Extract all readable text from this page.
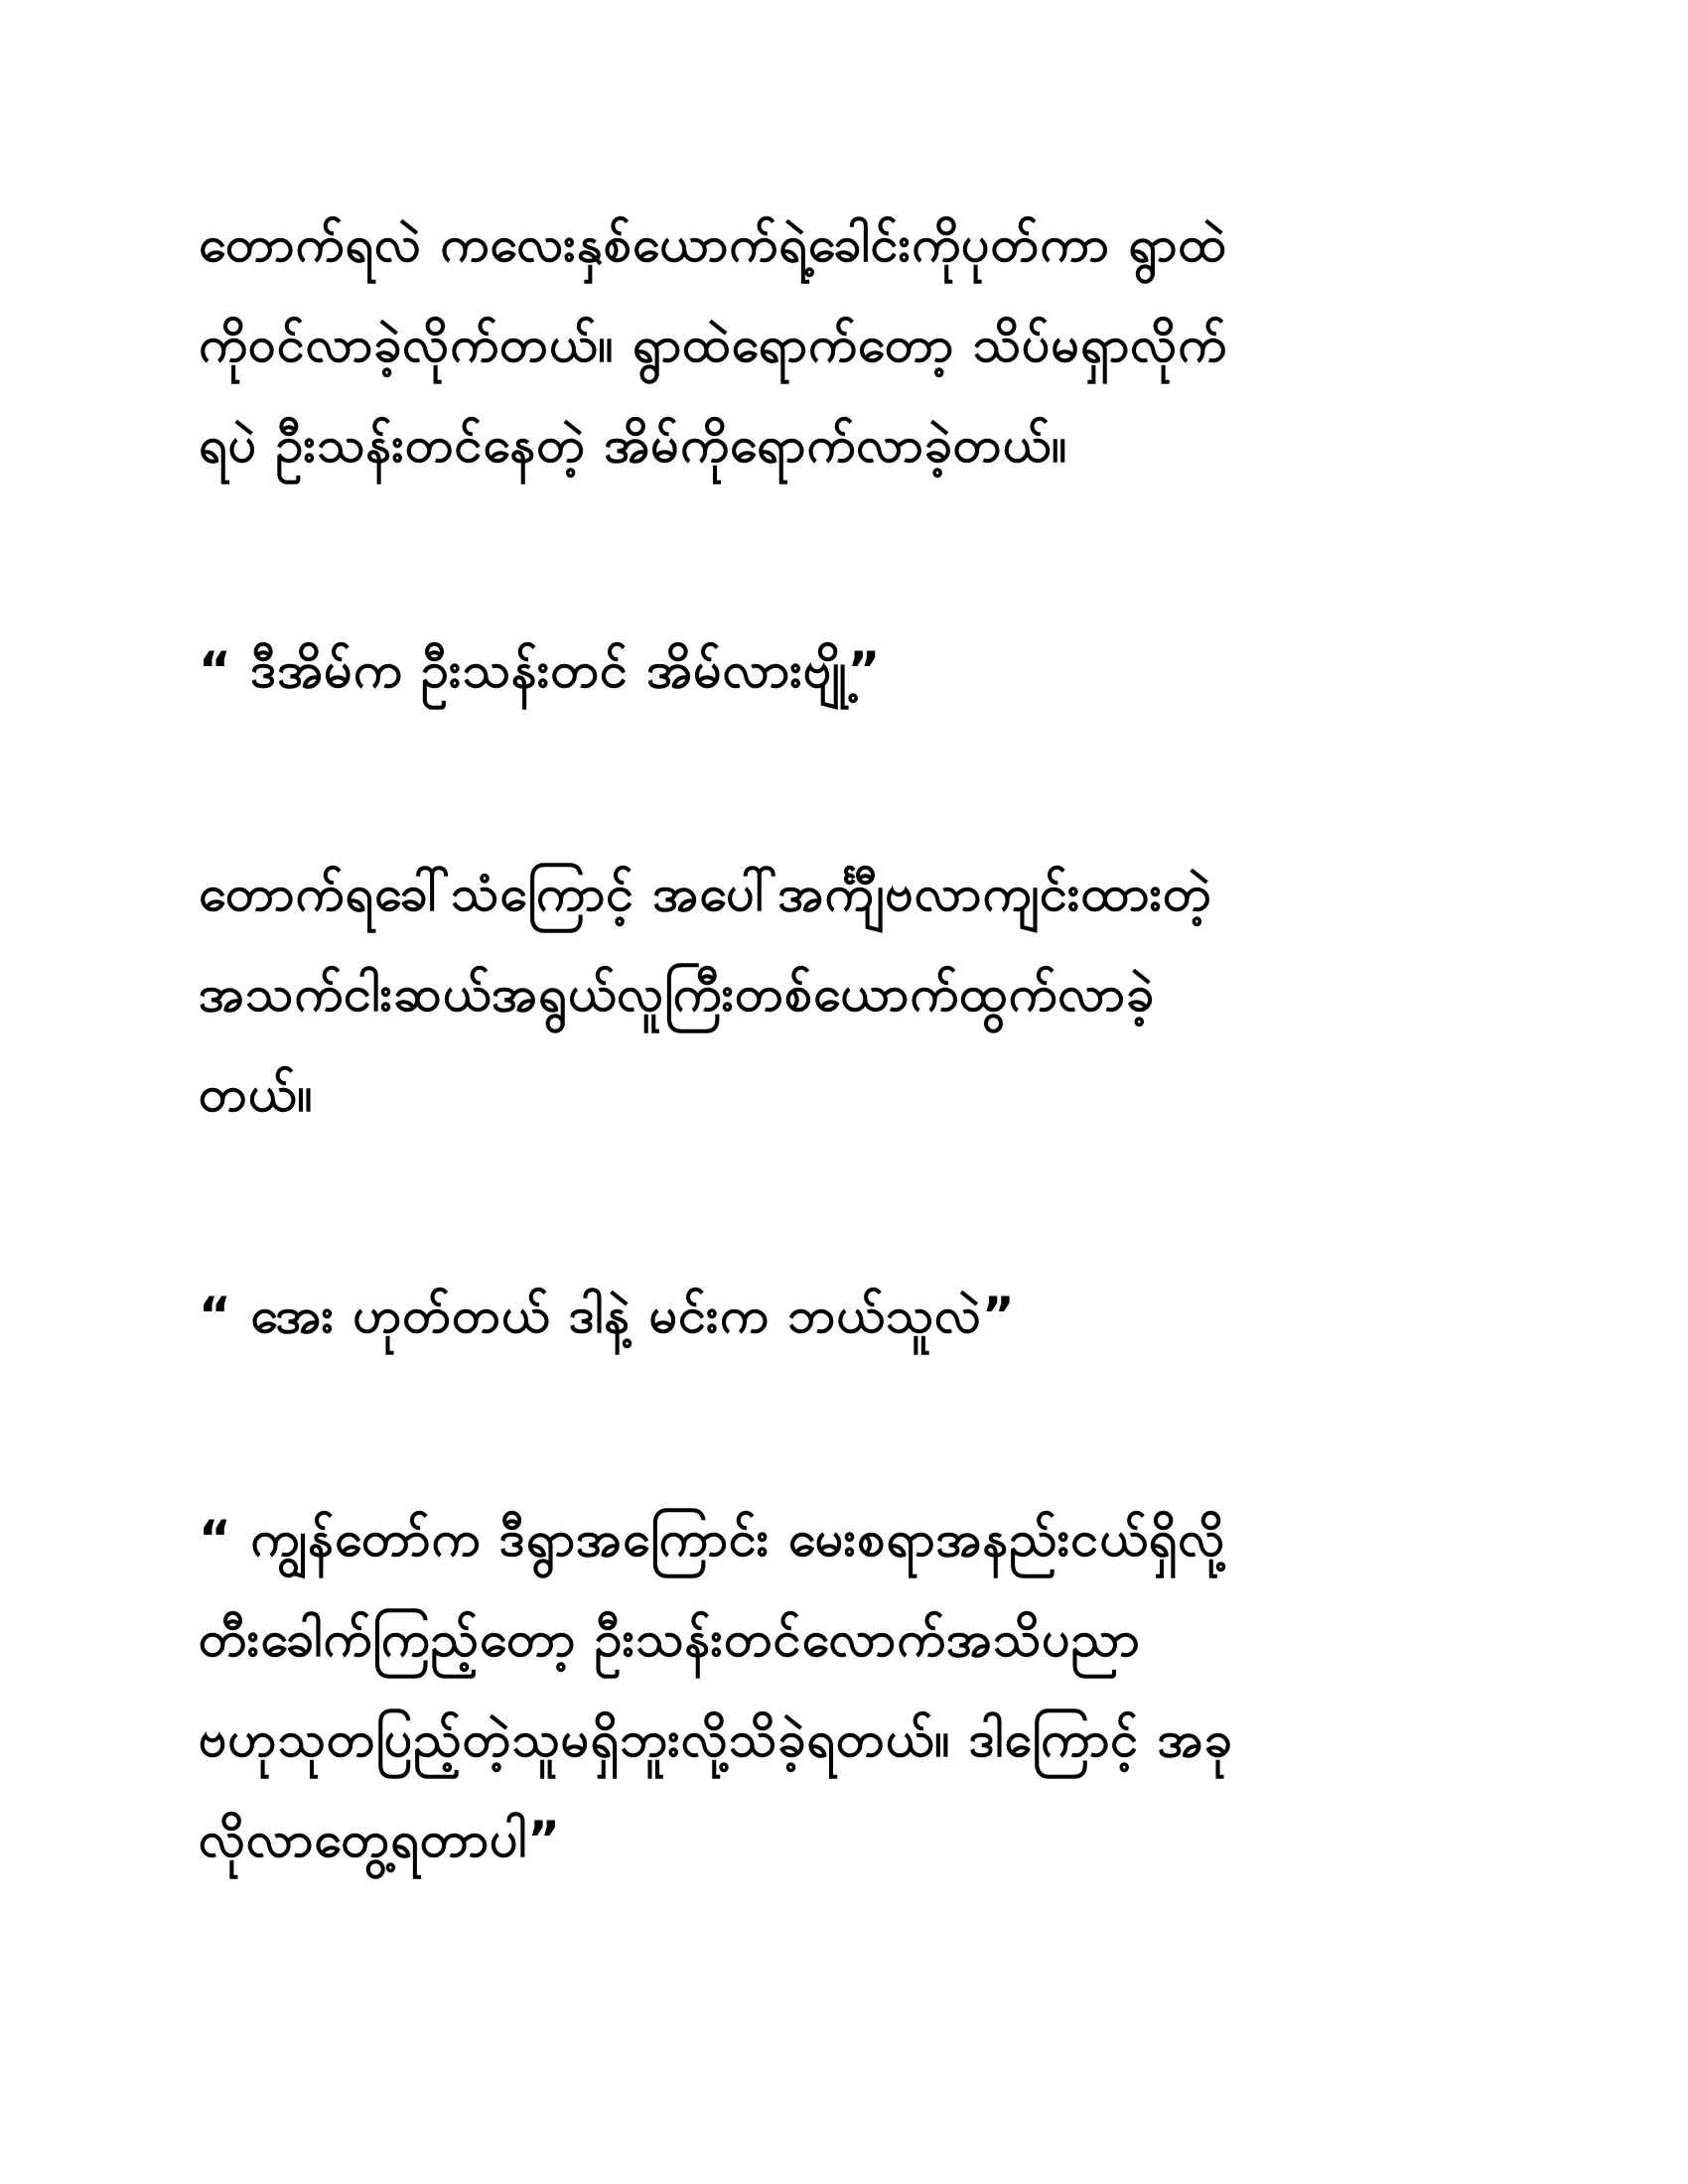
တောက်ရလဲ ကလေးနှစ်ယောက်ရဲ့ခေါင်းကိုပုတ်ကာ ရွာထဲ
ကိုဝင်လာခဲ့လိုက်တယ်။ ရွာထဲရောက်တော့ သိပ်မရှာလိုက်
ရပဲ ဦးသန်းတင်နေတဲ့ အိမ်ကိုရောက်လာခဲ့တယ်။
“ ဒီအိမ်က ဦးသန်းတင် အိမ်လားဗျို့”
တောက်ရခေါ်သံကြောင့် အပေါ်အင်္ကျီဗလာကျင်းထားတဲ့
အသက်ငါးဆယ်အရွယ်လူကြီးတစ်ယောက်ထွက်လာခဲ့
တယ်။
“ အေး ဟုတ်တယ် ဒါနဲ့ မင်းက ဘယ်သူလဲ”
“ ကျွန်တော်က ဒီရွာအကြောင်း မေးစရာအနည်းငယ်ရှိလို့
တီးခေါက်ကြည့်တော့ ဦးသန်းတင်လောက်အသိပညာ
ဗဟုသုတပြည့်တဲ့သူမရှိဘူးလို့သိခဲ့ရတယ်။ ဒါကြောင့် အခု
လိုလာတွေ့ရတာပါ”
